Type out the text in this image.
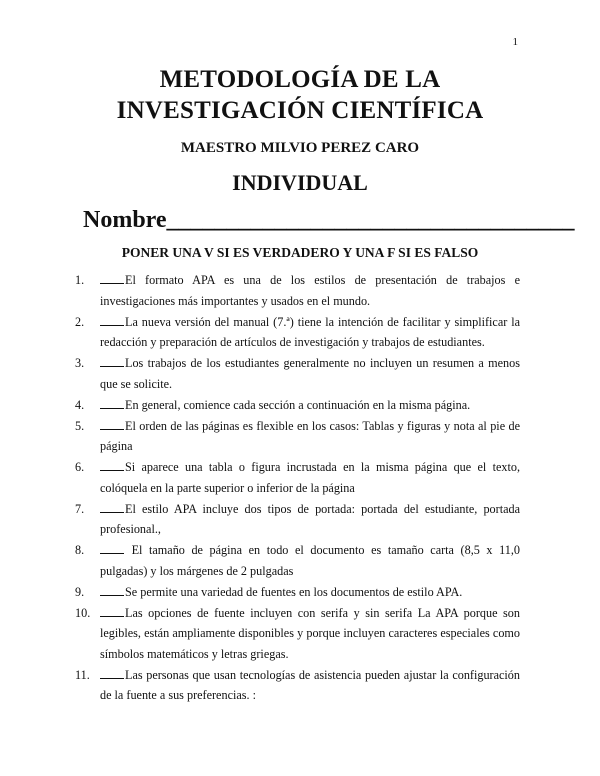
1
METODOLOGÍA DE LA
INVESTIGACIÓN CIENTÍFICA
MAESTRO MILVIO PEREZ CARO
INDIVIDUAL
Nombre__________________________________
PONER UNA V SI ES VERDADERO Y UNA F SI ES FALSO
1.	El formato APA es una de los estilos de presentación de trabajos e investigaciones más importantes y usados en el mundo.
2.	La nueva versión del manual (7.ª) tiene la intención de facilitar y simplificar la redacción y preparación de artículos de investigación y trabajos de estudiantes.
3.	Los trabajos de los estudiantes generalmente no incluyen un resumen a menos que se solicite.
4.	En general, comience cada sección a continuación en la misma página.
5.	El orden de las páginas es flexible en los casos: Tablas y figuras y nota al pie de página
6.	Si aparece una tabla o figura incrustada en la misma página que el texto, colóquela en la parte superior o inferior de la página
7.	El estilo APA incluye dos tipos de portada: portada del estudiante, portada profesional.,
8.	El tamaño de página en todo el documento es tamaño carta (8,5 x 11,0 pulgadas) y los márgenes de 2 pulgadas
9.	Se permite una variedad de fuentes en los documentos de estilo APA.
10.	Las opciones de fuente incluyen con serifa y sin serifa La APA porque son legibles, están ampliamente disponibles y porque incluyen caracteres especiales como símbolos matemáticos y letras griegas.
11.	Las personas que usan tecnologías de asistencia pueden ajustar la configuración de la fuente a sus preferencias. :
